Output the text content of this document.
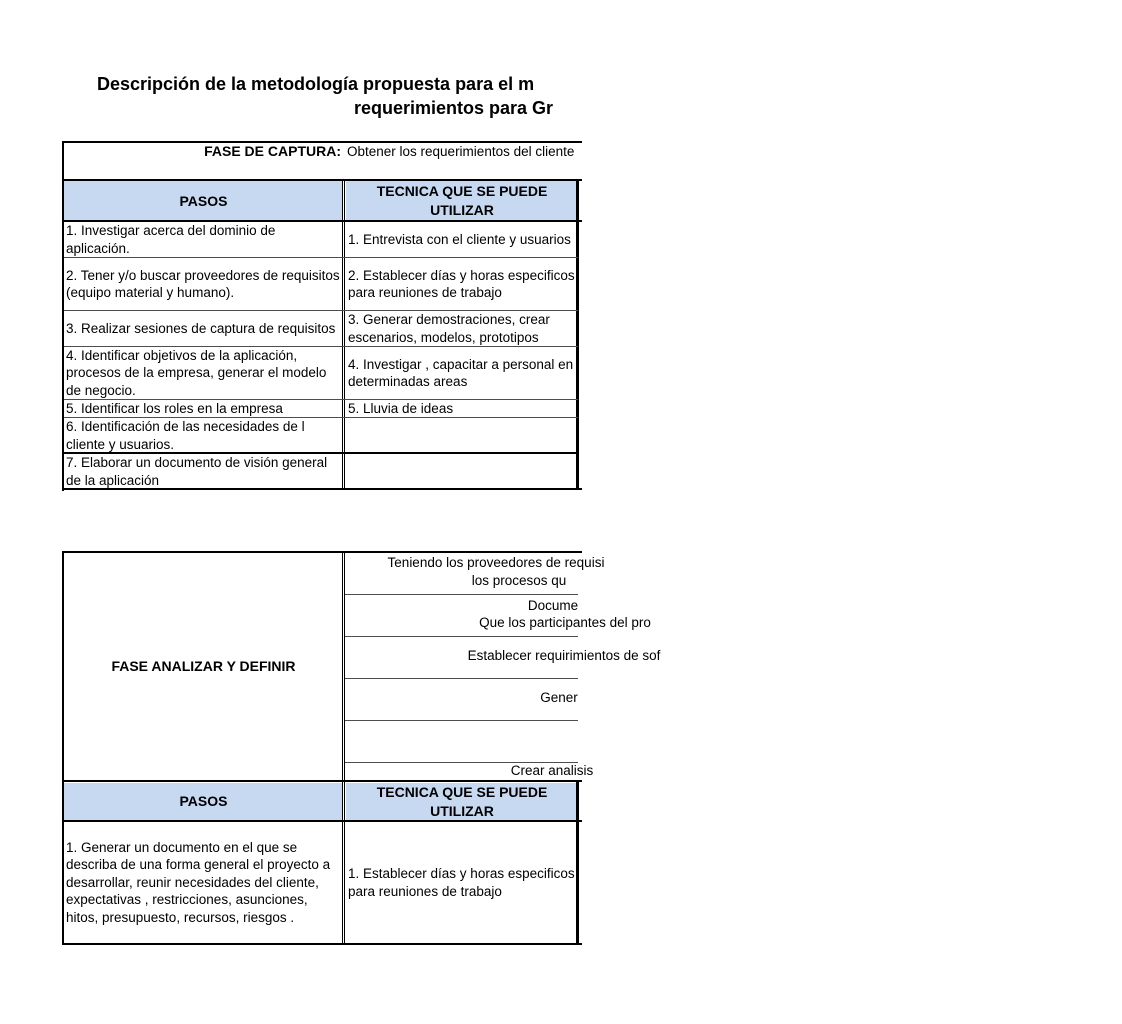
Descripción de la metodología propuesta para el m
requerimientos para Gr
PASOS
TECNICA QUE SE PUEDE UTILIZAR
FASE DE CAPTURA: Obtener los requerimientos del cliente
1. Investigar acerca del dominio de aplicación.
1. Entrevista con el cliente y usuarios
2. Tener y/o buscar proveedores de requisitos (equipo material y humano).
2. Establecer días y horas especificos para reuniones de trabajo
3. Realizar sesiones de captura de requisitos
3. Generar demostraciones, crear escenarios, modelos, prototipos
4. Identificar objetivos de la aplicación, procesos de la empresa, generar el modelo de negocio.
4. Investigar , capacitar a personal en determinadas areas
5. Identificar los roles en la empresa	5. Lluvia de ideas
6. Identificación de las necesidades de l cliente y usuarios.
7. Elaborar un documento de visión general de la aplicación
FASE ANALIZAR Y DEFINIR
Teniendo los proveedores de requisi
los procesos qu
Docume
Que los participantes del pro
Establecer requirimientos de sof
Gener
Crear analisis
PASOS
TECNICA QUE SE PUEDE UTILIZAR
1. Generar un documento en el que se describa de una forma general el proyecto a desarrollar, reunir necesidades del cliente, expectativas , restricciones, asunciones, hitos, presupuesto, recursos, riesgos .
1. Establecer días y horas especificos para reuniones de trabajo
